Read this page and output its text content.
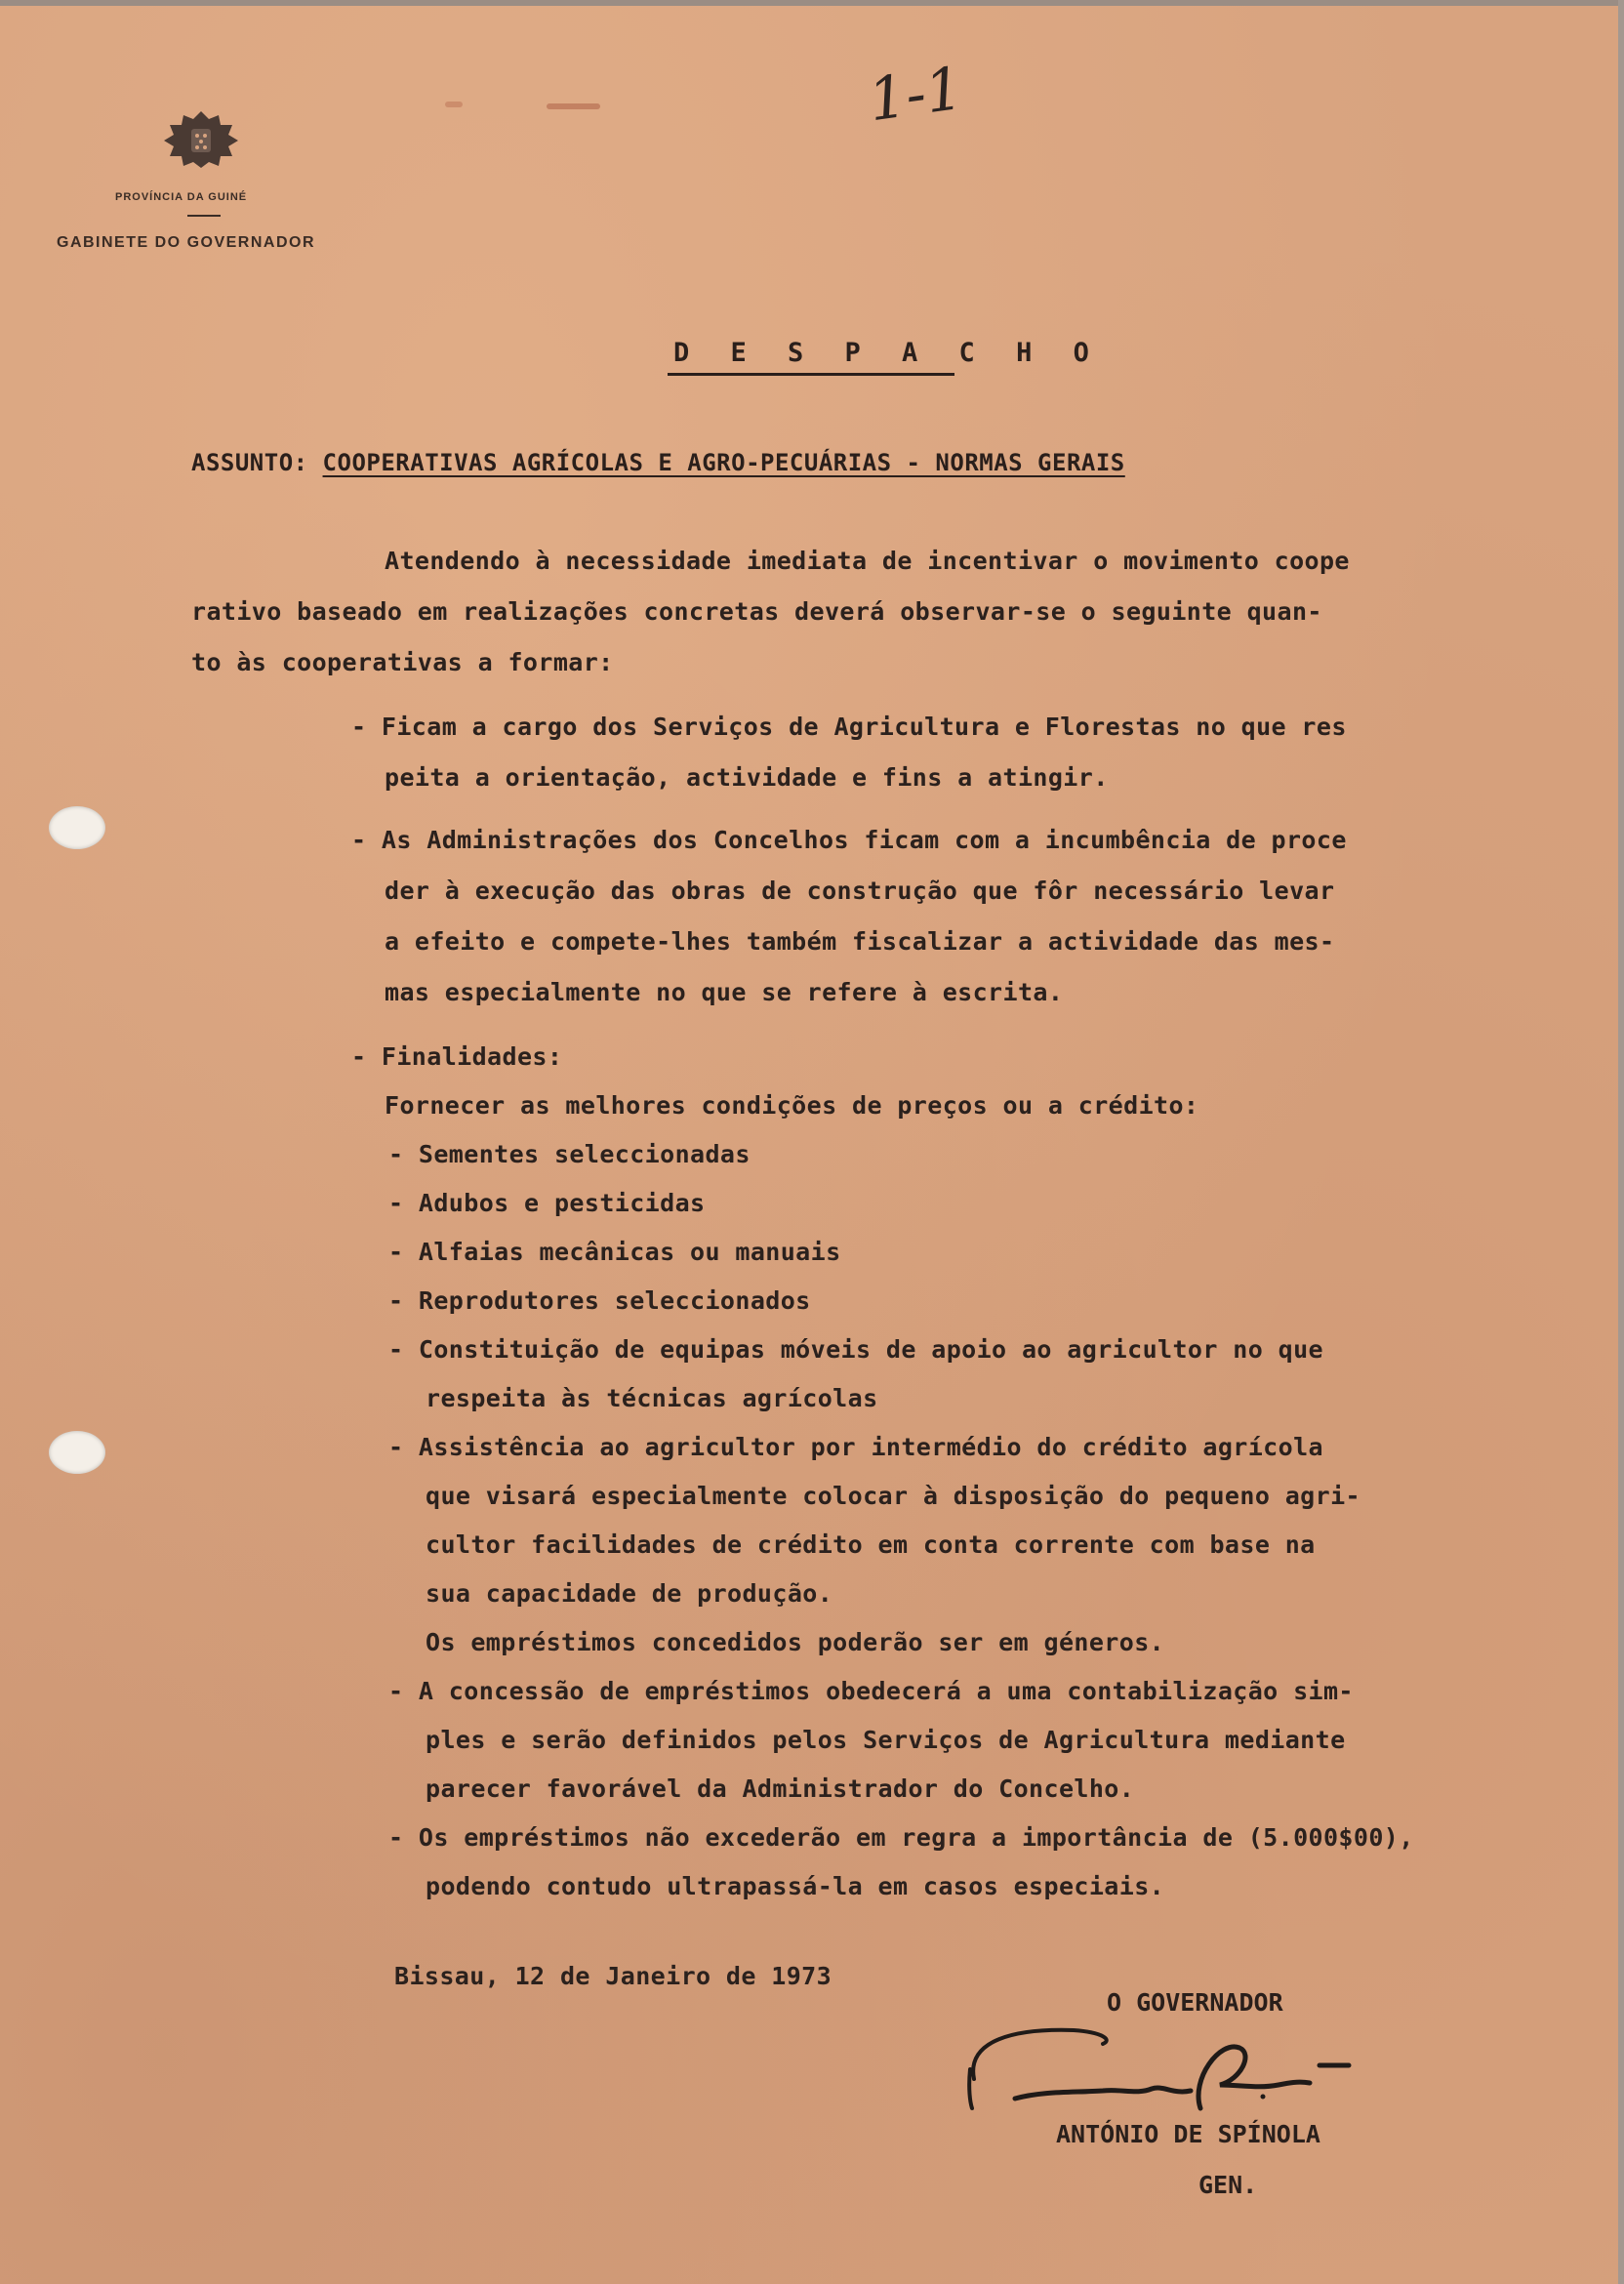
PROVÍNCIA DA GUINÉ
GABINETE DO GOVERNADOR
1-1
D E S P A C H O
ASSUNTO: COOPERATIVAS AGRÍCOLAS E AGRO-PECUÁRIAS - NORMAS GERAIS
Atendendo à necessidade imediata de incentivar o movimento coope
rativo baseado em realizações concretas deverá observar-se o seguinte quan-
to às cooperativas a formar:
- Ficam a cargo dos Serviços de Agricultura e Florestas no que res
peita a orientação, actividade e fins a atingir.
- As Administrações dos Concelhos ficam com a incumbência de proce
der à execução das obras de construção que fôr necessário levar
a efeito e compete-lhes também fiscalizar a actividade das mes-
mas especialmente no que se refere à escrita.
- Finalidades:
Fornecer as melhores condições de preços ou a crédito:
- Sementes seleccionadas
- Adubos e pesticidas
- Alfaias mecânicas ou manuais
- Reprodutores seleccionados
- Constituição de equipas móveis de apoio ao agricultor no que
respeita às técnicas agrícolas
- Assistência ao agricultor por intermédio do crédito agrícola
que visará especialmente colocar à disposição do pequeno agri-
cultor facilidades de crédito em conta corrente com base na
sua capacidade de produção.
Os empréstimos concedidos poderão ser em géneros.
- A concessão de empréstimos obedecerá a uma contabilização sim-
ples e serão definidos pelos Serviços de Agricultura mediante
parecer favorável da Administrador do Concelho.
- Os empréstimos não excederão em regra a importância de (5.000$00),
podendo contudo ultrapassá-la em casos especiais.
Bissau, 12 de Janeiro de 1973
O GOVERNADOR
ANTÓNIO DE SPÍNOLA
GEN.
